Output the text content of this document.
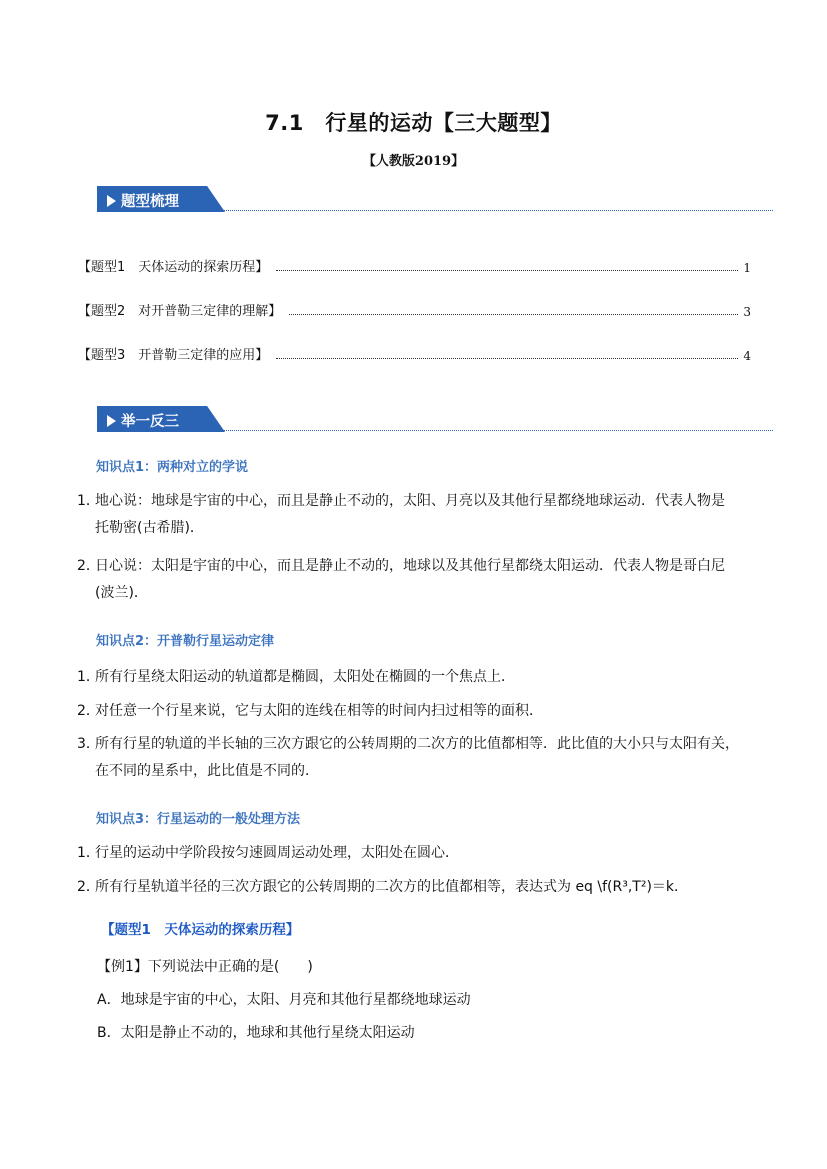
7.1　行星的运动【三大题型】
【人教版2019】
题型梳理
【题型1　天体运动的探索历程】	1
【题型2　对开普勒三定律的理解】	3
【题型3　开普勒三定律的应用】	4
举一反三
知识点1：两种对立的学说
1．地心说：地球是宇宙的中心，而且是静止不动的，太阳、月亮以及其他行星都绕地球运动．代表人物是
托勒密(古希腊)．
2．日心说：太阳是宇宙的中心，而且是静止不动的，地球以及其他行星都绕太阳运动．代表人物是哥白尼
(波兰)．
知识点2：开普勒行星运动定律
1．所有行星绕太阳运动的轨道都是椭圆，太阳处在椭圆的一个焦点上．
2．对任意一个行星来说，它与太阳的连线在相等的时间内扫过相等的面积．
3．所有行星的轨道的半长轴的三次方跟它的公转周期的二次方的比值都相等．此比值的大小只与太阳有关，
在不同的星系中，此比值是不同的．
知识点3：行星运动的一般处理方法
1．行星的运动中学阶段按匀速圆周运动处理，太阳处在圆心．
2．所有行星轨道半径的三次方跟它的公转周期的二次方的比值都相等，表达式为 eq \f(R³,T²)＝k．
【题型1　天体运动的探索历程】
【例1】下列说法中正确的是(　　)
A．地球是宇宙的中心，太阳、月亮和其他行星都绕地球运动
B．太阳是静止不动的，地球和其他行星绕太阳运动
